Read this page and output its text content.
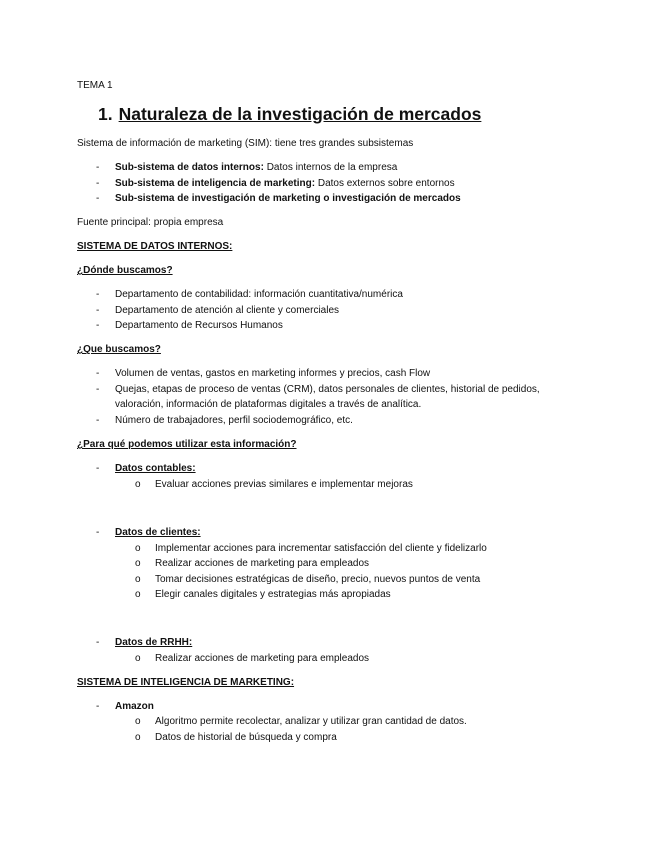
TEMA 1
1. Naturaleza de la investigación de mercados
Sistema de información de marketing (SIM): tiene tres grandes subsistemas
- Sub-sistema de datos internos: Datos internos de la empresa
- Sub-sistema de inteligencia de marketing: Datos externos sobre entornos
- Sub-sistema de investigación de marketing o investigación de mercados
Fuente principal: propia empresa
SISTEMA DE DATOS INTERNOS:
¿Dónde buscamos?
- Departamento de contabilidad: información cuantitativa/numérica
- Departamento de atención al cliente y comerciales
- Departamento de Recursos Humanos
¿Que buscamos?
- Volumen de ventas, gastos en marketing informes y precios, cash Flow
- Quejas, etapas de proceso de ventas (CRM), datos personales de clientes, historial de pedidos,
valoración, información de plataformas digitales a través de analítica.
- Número de trabajadores, perfil sociodemográfico, etc.
¿Para qué podemos utilizar esta información?
- Datos contables:
o Evaluar acciones previas similares e implementar mejoras
- Datos de clientes:
o Implementar acciones para incrementar satisfacción del cliente y fidelizarlo
o Realizar acciones de marketing para empleados
o Tomar decisiones estratégicas de diseño, precio, nuevos puntos de venta
o Elegir canales digitales y estrategias más apropiadas
- Datos de RRHH:
o Realizar acciones de marketing para empleados
SISTEMA DE INTELIGENCIA DE MARKETING:
- Amazon
o Algoritmo permite recolectar, analizar y utilizar gran cantidad de datos.
o Datos de historial de búsqueda y compra
